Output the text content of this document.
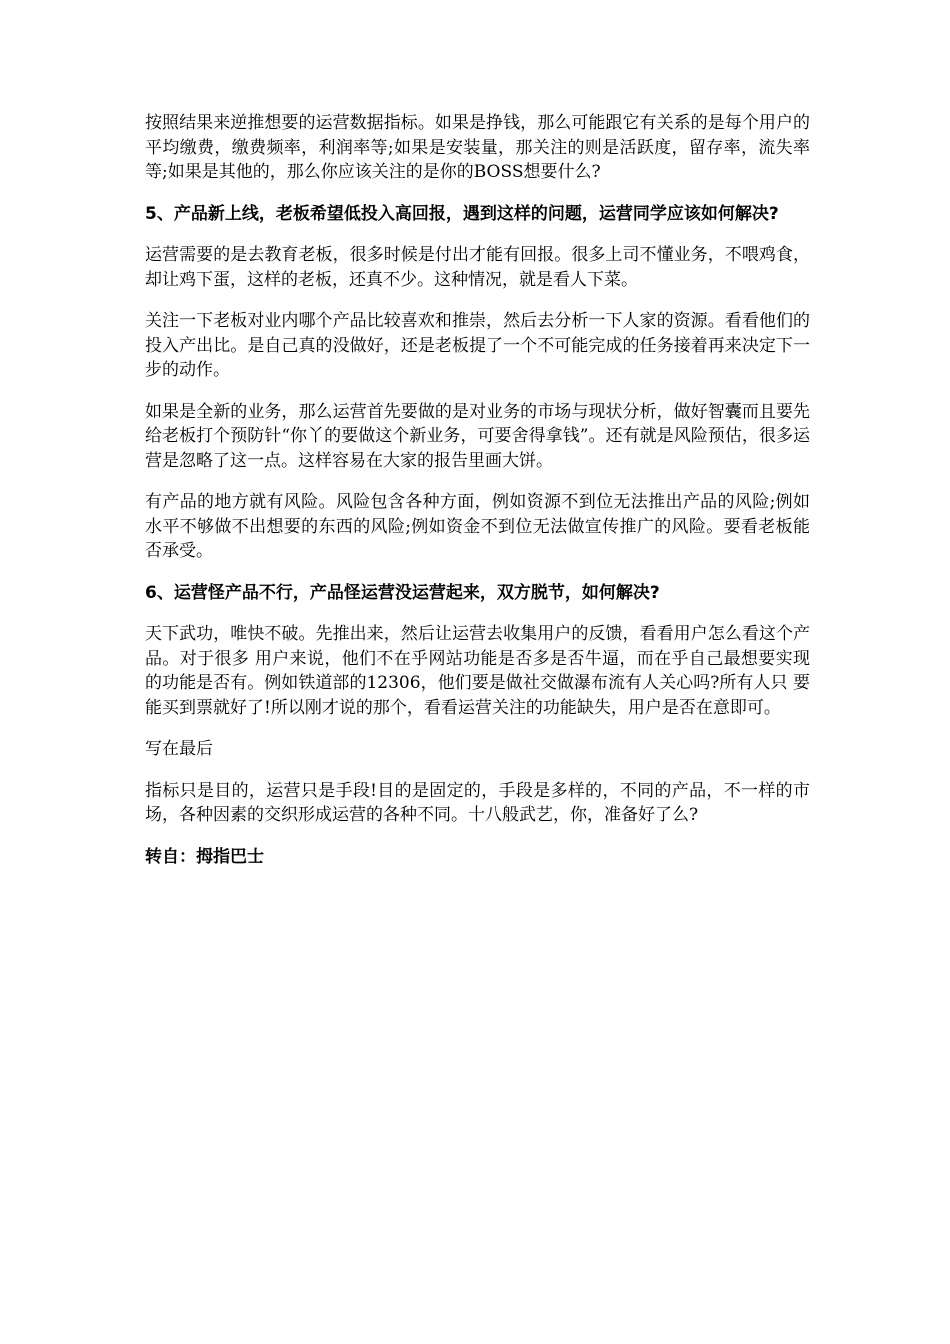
按照结果来逆推想要的运营数据指标。如果是挣钱，那么可能跟它有关系的是每个用户的平均缴费，缴费频率，利润率等;如果是安装量，那关注的则是活跃度，留存率，流失率等;如果是其他的，那么你应该关注的是你的BOSS想要什么?

5、产品新上线，老板希望低投入高回报，遇到这样的问题，运营同学应该如何解决?

运营需要的是去教育老板，很多时候是付出才能有回报。很多上司不懂业务，不喂鸡食，却让鸡下蛋，这样的老板，还真不少。这种情况，就是看人下菜。

关注一下老板对业内哪个产品比较喜欢和推崇，然后去分析一下人家的资源。看看他们的投入产出比。是自己真的没做好，还是老板提了一个不可能完成的任务接着再来决定下一步的动作。

如果是全新的业务，那么运营首先要做的是对业务的市场与现状分析，做好智囊而且要先给老板打个预防针“你丫的要做这个新业务，可要舍得拿钱”。还有就是风险预估，很多运营是忽略了这一点。这样容易在大家的报告里画大饼。

有产品的地方就有风险。风险包含各种方面，例如资源不到位无法推出产品的风险;例如水平不够做不出想要的东西的风险;例如资金不到位无法做宣传推广的风险。要看老板能否承受。

6、运营怪产品不行，产品怪运营没运营起来，双方脱节，如何解决?

天下武功，唯快不破。先推出来，然后让运营去收集用户的反馈，看看用户怎么看这个产品。对于很多 用户来说，他们不在乎网站功能是否多是否牛逼，而在乎自己最想要实现的功能是否有。例如铁道部的12306，他们要是做社交做瀑布流有人关心吗?所有人只 要能买到票就好了!所以刚才说的那个，看看运营关注的功能缺失，用户是否在意即可。

写在最后

指标只是目的，运营只是手段!目的是固定的，手段是多样的，不同的产品，不一样的市场，各种因素的交织形成运营的各种不同。十八般武艺，你，准备好了么?

转自：拇指巴士
